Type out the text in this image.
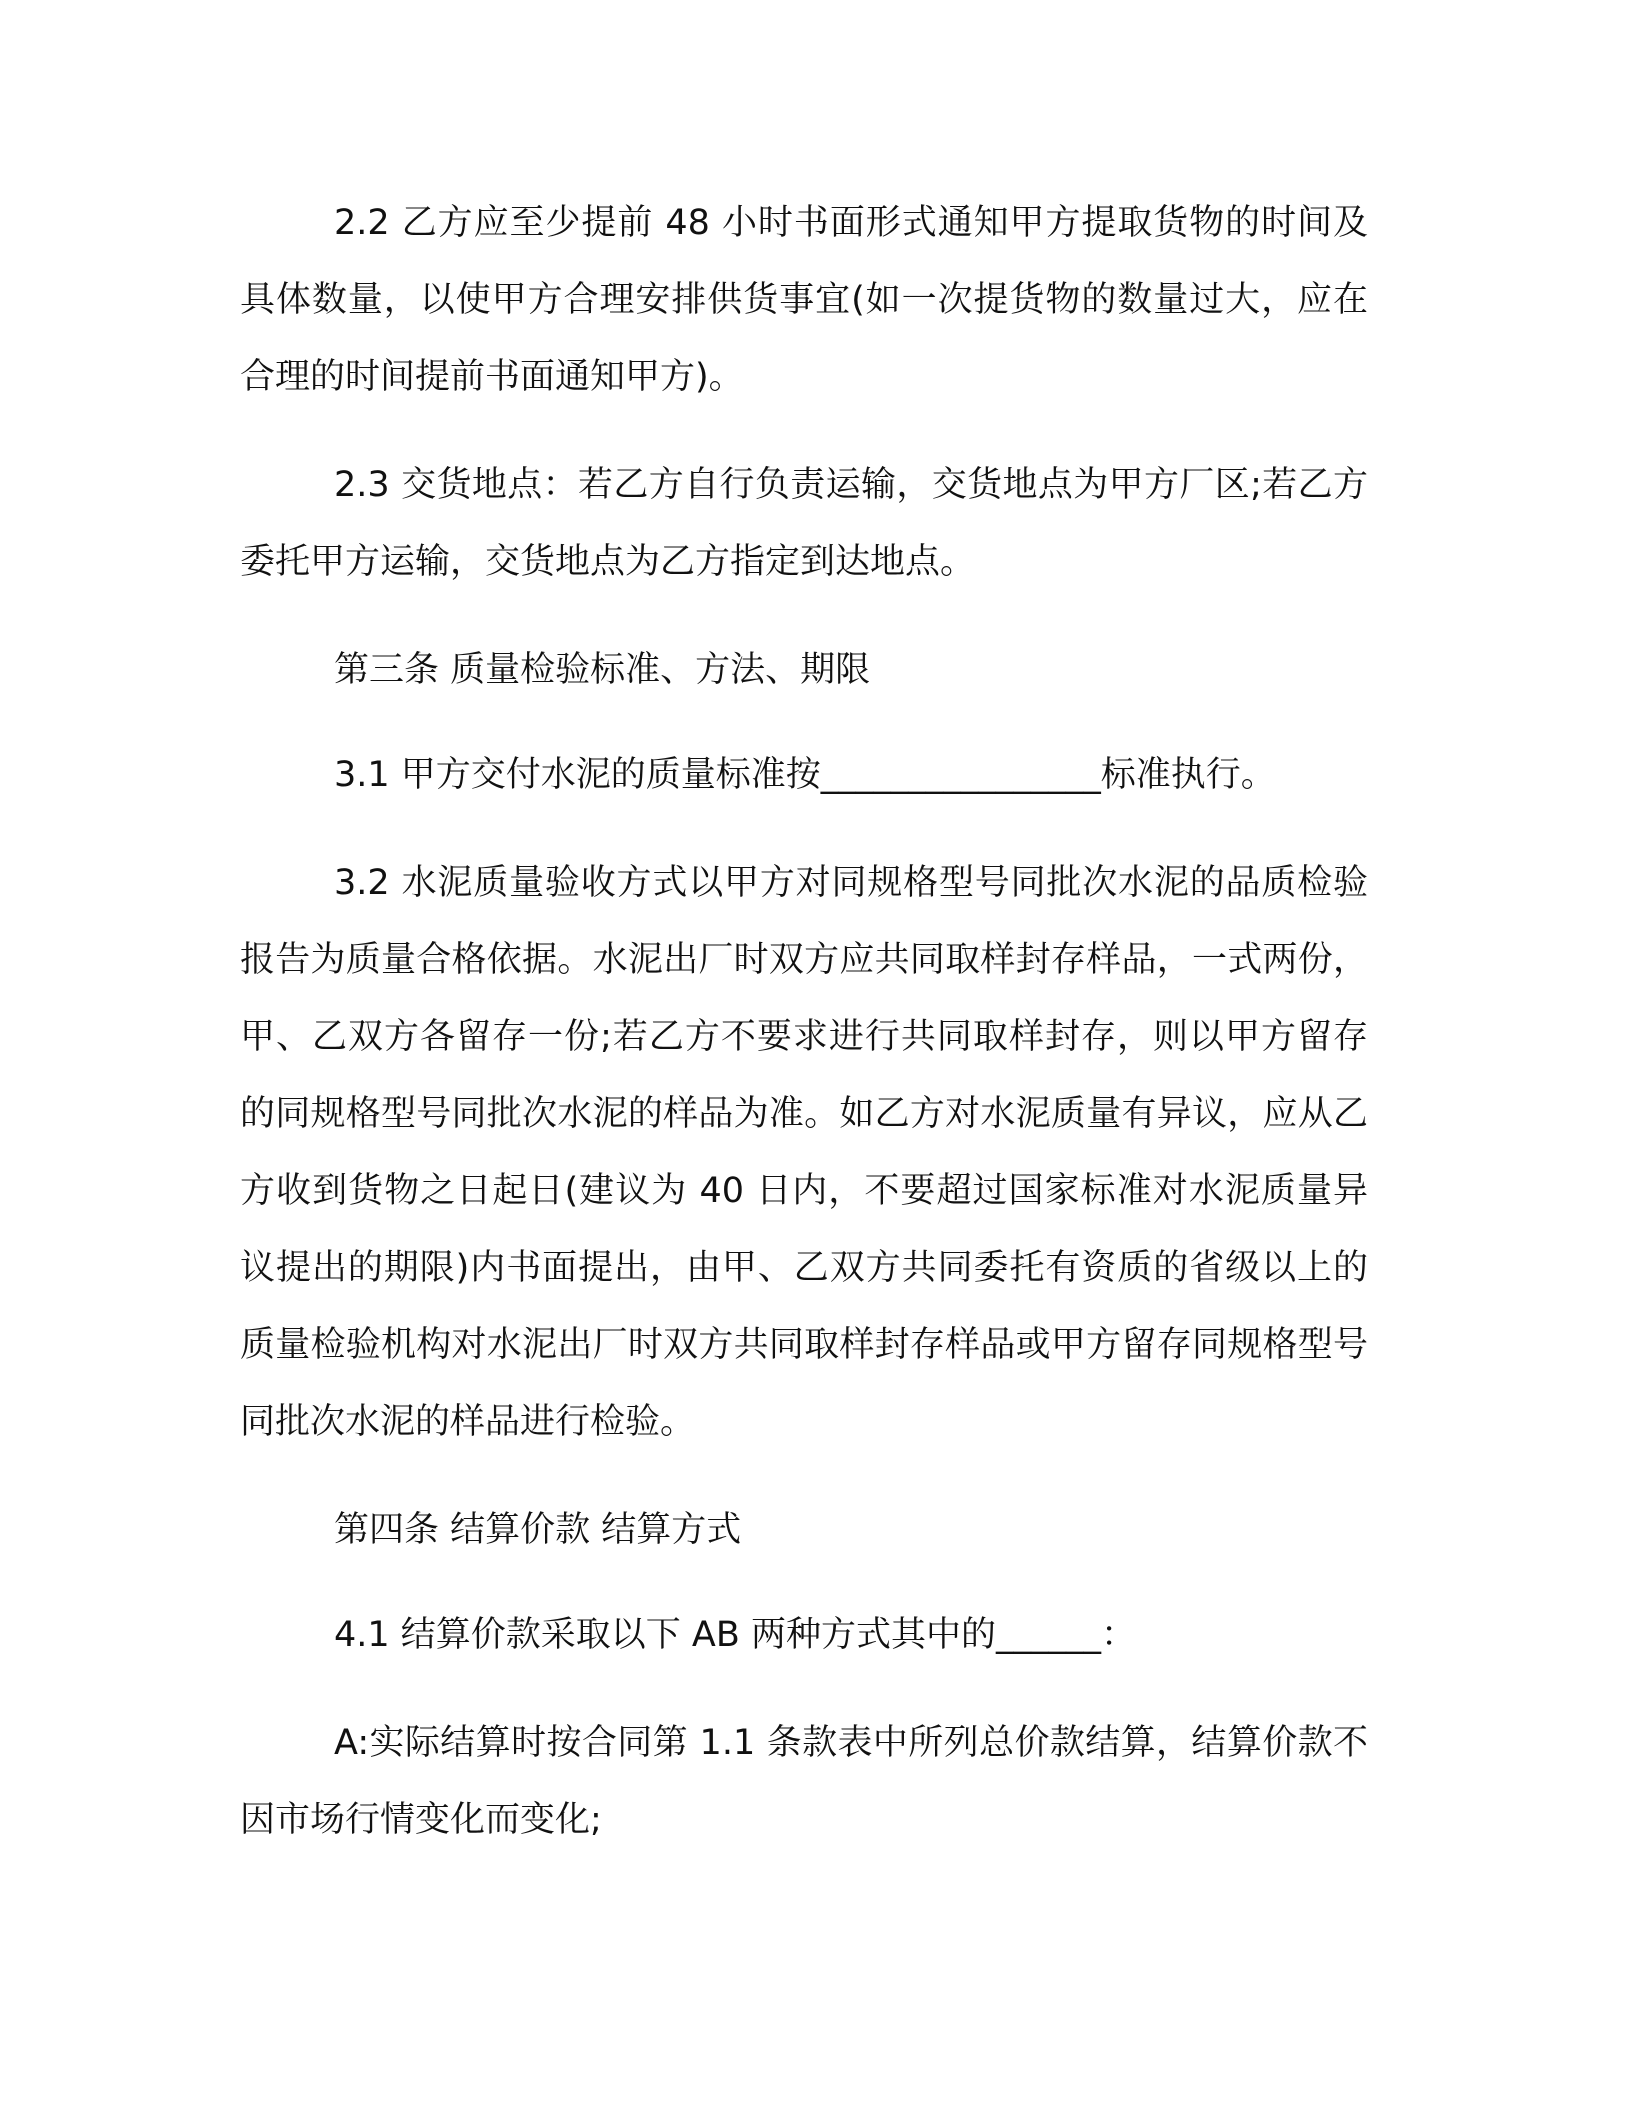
2.2 乙方应至少提前 48 小时书面形式通知甲方提取货物的时间及具体数量，以使甲方合理安排供货事宜(如一次提货物的数量过大，应在合理的时间提前书面通知甲方)。

2.3 交货地点：若乙方自行负责运输，交货地点为甲方厂区;若乙方委托甲方运输，交货地点为乙方指定到达地点。

第三条 质量检验标准、方法、期限

3.1 甲方交付水泥的质量标准按________________标准执行。

3.2 水泥质量验收方式以甲方对同规格型号同批次水泥的品质检验报告为质量合格依据。水泥出厂时双方应共同取样封存样品，一式两份，甲、乙双方各留存一份;若乙方不要求进行共同取样封存，则以甲方留存的同规格型号同批次水泥的样品为准。如乙方对水泥质量有异议，应从乙方收到货物之日起日(建议为 40 日内，不要超过国家标准对水泥质量异议提出的期限)内书面提出，由甲、乙双方共同委托有资质的省级以上的质量检验机构对水泥出厂时双方共同取样封存样品或甲方留存同规格型号同批次水泥的样品进行检验。

第四条 结算价款 结算方式

4.1 结算价款采取以下 AB 两种方式其中的______：

A:实际结算时按合同第 1.1 条款表中所列总价款结算，结算价款不因市场行情变化而变化;
